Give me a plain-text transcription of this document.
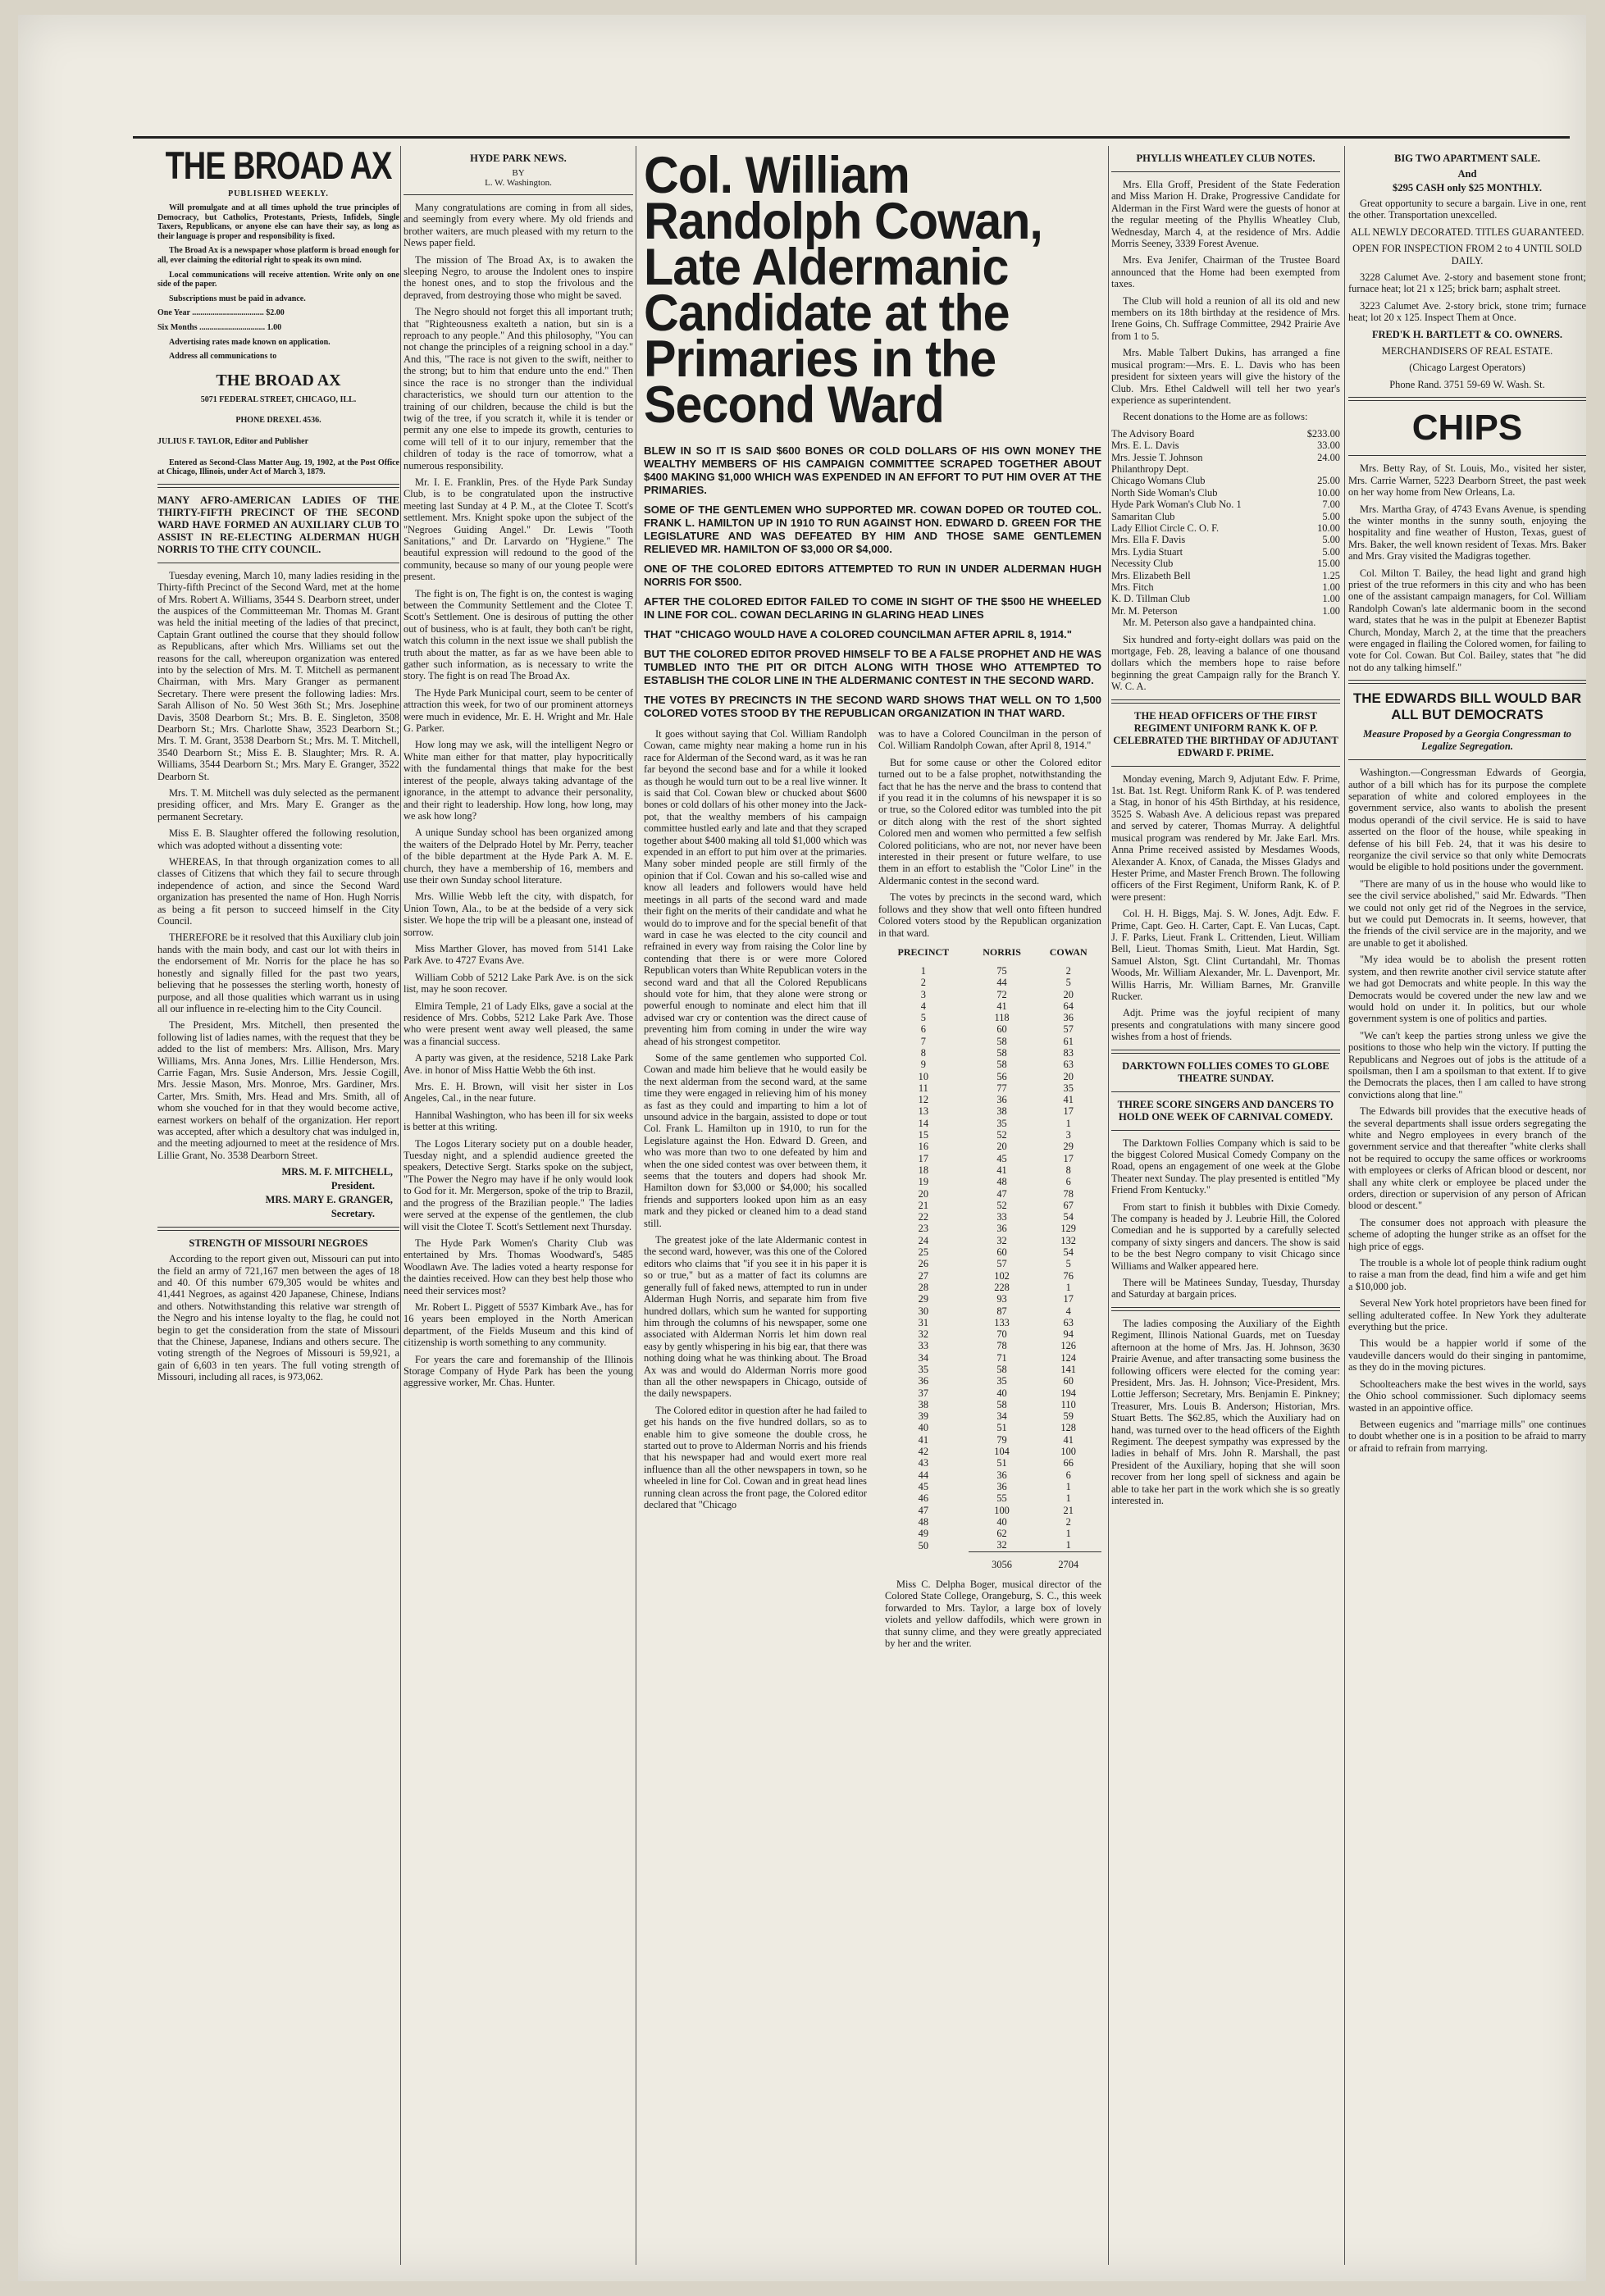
THE BROAD AX
PUBLISHED WEEKLY.

Will promulgate and at all times uphold the true principles of Democracy, but Catholics, Protestants, Priests, Infidels, Single Taxers, Republicans, or anyone else can have their say, as long as their language is proper and responsibility is fixed.

The Broad Ax is a newspaper whose platform is broad enough for all, ever claiming the editorial right to speak its own mind.

Local communications will receive attention. Write only on one side of the paper.

Subscriptions must be paid in advance.

One Year ................................... $2.00

Six Months ................................ 1.00

Advertising rates made known on application.

Address all communications to

THE BROAD AX

5071 FEDERAL STREET, CHICAGO, ILL.

PHONE DREXEL 4536.

JULIUS F. TAYLOR, Editor and Publisher

Entered as Second-Class Matter Aug. 19, 1902, at the Post Office at Chicago, Illinois, under Act of March 3, 1879.

MANY AFRO-AMERICAN LADIES OF THE THIRTY-FIFTH PRECINCT OF THE SECOND WARD HAVE FORMED AN AUXILIARY CLUB TO ASSIST IN RE-ELECTING ALDERMAN HUGH NORRIS TO THE CITY COUNCIL.

Tuesday evening, March 10, many ladies residing in the Thirty-fifth Precinct of the Second Ward, met at the home of Mrs. Robert A. Williams, 3544 S. Dearborn street, under the auspices of the Committeeman Mr. Thomas M. Grant was held the initial meeting of the ladies of that precinct, Captain Grant outlined the course that they should follow as Republicans, after which Mrs. Williams set out the reasons for the call, whereupon organization was entered into by the selection of Mrs. M. T. Mitchell as permanent Chairman, with Mrs. Mary Granger as permanent Secretary. There were present the following ladies: Mrs. Sarah Allison of No. 50 West 36th St.; Mrs. Josephine Davis, 3508 Dearborn St.; Mrs. B. E. Singleton, 3508 Dearborn St.; Mrs. Charlotte Shaw, 3523 Dearborn St.; Mrs. T. M. Grant, 3538 Dearborn St.; Mrs. M. T. Mitchell, 3540 Dearborn St.; Miss E. B. Slaughter; Mrs. R. A. Williams, 3544 Dearborn St.; Mrs. Mary E. Granger, 3522 Dearborn St.

Mrs. T. M. Mitchell was duly selected as the permanent presiding officer, and Mrs. Mary E. Granger as the permanent Secretary.

Miss E. B. Slaughter offered the following resolution, which was adopted without a dissenting vote:

WHEREAS, In that through organization comes to all classes of Citizens that which they fail to secure through independence of action, and since the Second Ward organization has presented the name of Hon. Hugh Norris as being a fit person to succeed himself in the City Council.

THEREFORE be it resolved that this Auxiliary club join hands with the main body, and cast our lot with theirs in the endorsement of Mr. Norris for the place he has so honestly and signally filled for the past two years, believing that he possesses the sterling worth, honesty of purpose, and all those qualities which warrant us in using all our influence in re-electing him to the City Council.

The President, Mrs. Mitchell, then presented the following list of ladies names, with the request that they be added to the list of members: Mrs. Allison, Mrs. Mary Williams, Mrs. Anna Jones, Mrs. Lillie Henderson, Mrs. Carrie Fagan, Mrs. Susie Anderson, Mrs. Jessie Cogill, Mrs. Jessie Mason, Mrs. Monroe, Mrs. Gardiner, Mrs. Carter, Mrs. Smith, Mrs. Head and Mrs. Smith, all of whom she vouched for in that they would become active, earnest workers on behalf of the organization. Her report was accepted, after which a desultory chat was indulged in, and the meeting adjourned to meet at the residence of Mrs. Lillie Grant, No. 3538 Dearborn Street.

MRS. M. F. MITCHELL,
President.
MRS. MARY E. GRANGER,
Secretary.
STRENGTH OF MISSOURI NEGROES

According to the report given out, Missouri can put into the field an army of 721,167 men between the ages of 18 and 40. Of this number 679,305 would be whites and 41,441 Negroes, as against 420 Japanese, Chinese, Indians and others. Notwithstanding this relative war strength of the Negro and his intense loyalty to the flag, he could not begin to get the consideration from the state of Missouri that the Chinese, Japanese, Indians and others secure. The voting strength of the Negroes of Missouri is 59,921, a gain of 6,603 in ten years. The full voting strength of Missouri, including all races, is 973,062.

HYDE PARK NEWS.
BY
L. W. Washington.

Many congratulations are coming in from all sides, and seemingly from every where. My old friends and brother waiters, are much pleased with my return to the News paper field.

The mission of The Broad Ax, is to awaken the sleeping Negro, to arouse the Indolent ones to inspire the honest ones, and to stop the frivolous and the depraved, from destroying those who might be saved.

The Negro should not forget this all important truth; that "Righteousness exalteth a nation, but sin is a reproach to any people." And this philosophy, "You can not change the principles of a reigning school in a day." And this, "The race is not given to the swift, neither to the strong; but to him that endure unto the end." Then since the race is no stronger than the individual characteristics, we should turn our attention to the training of our children, because the child is but the twig of the tree, if you scratch it, while it is tender or permit any one else to impede its growth, centuries to come will tell of it to our injury, remember that the children of today is the race of tomorrow, what a numerous responsibility.

Mr. I. E. Franklin, Pres. of the Hyde Park Sunday Club, is to be congratulated upon the instructive meeting last Sunday at 4 P. M., at the Clotee T. Scott's settlement. Mrs. Knight spoke upon the subject of the "Negroes Guiding Angel." Dr. Lewis "Tooth Sanitations," and Dr. Larvardo on "Hygiene." The beautiful expression will redound to the good of the community, because so many of our young people were present.

The fight is on, The fight is on, the contest is waging between the Community Settlement and the Clotee T. Scott's Settlement. One is desirous of putting the other out of business, who is at fault, they both can't be right, watch this column in the next issue we shall publish the truth about the matter, as far as we have been able to gather such information, as is necessary to write the story. The fight is on read The Broad Ax.

The Hyde Park Municipal court, seem to be center of attraction this week, for two of our prominent attorneys were much in evidence, Mr. E. H. Wright and Mr. Hale G. Parker.

How long may we ask, will the intelligent Negro or White man either for that matter, play hypocritically with the fundamental things that make for the best interest of the people, always taking advantage of the ignorance, in the attempt to advance their personality, and their right to leadership. How long, how long, may we ask how long?

A unique Sunday school has been organized among the waiters of the Delprado Hotel by Mr. Perry, teacher of the bible department at the Hyde Park A. M. E. church, they have a membership of 16, members and use their own Sunday school literature.

Mrs. Willie Webb left the city, with dispatch, for Union Town, Ala., to be at the bedside of a very sick sister. We hope the trip will be a pleasant one, instead of sorrow.

Miss Marther Glover, has moved from 5141 Lake Park Ave. to 4727 Evans Ave.

William Cobb of 5212 Lake Park Ave. is on the sick list, may he soon recover.

Elmira Temple, 21 of Lady Elks, gave a social at the residence of Mrs. Cobbs, 5212 Lake Park Ave. Those who were present went away well pleased, the same was a financial success.

A party was given, at the residence, 5218 Lake Park Ave. in honor of Miss Hattie Webb the 6th inst.

Mrs. E. H. Brown, will visit her sister in Los Angeles, Cal., in the near future.

Hannibal Washington, who has been ill for six weeks is better at this writing.

The Logos Literary society put on a double header, Tuesday night, and a splendid audience greeted the speakers, Detective Sergt. Starks spoke on the subject, "The Power the Negro may have if he only would look to God for it. Mr. Mergerson, spoke of the trip to Brazil, and the progress of the Brazilian people." The ladies were served at the expense of the gentlemen, the club will visit the Clotee T. Scott's Settlement next Thursday.

The Hyde Park Women's Charity Club was entertained by Mrs. Thomas Woodward's, 5485 Woodlawn Ave. The ladies voted a hearty response for the dainties received. How can they best help those who need their services most?

Mr. Robert L. Piggett of 5537 Kimbark Ave., has for 16 years been employed in the North American department, of the Fields Museum and this kind of citizenship is worth something to any community.

For years the care and foremanship of the Illinois Storage Company of Hyde Park has been the young aggressive worker, Mr. Chas. Hunter.

Col. William Randolph Cowan, Late Aldermanic Candidate at the Primaries in the Second Ward
BLEW IN SO IT IS SAID $600 BONES OR COLD DOLLARS OF HIS OWN MONEY THE WEALTHY MEMBERS OF HIS CAMPAIGN COMMITTEE SCRAPED TOGETHER ABOUT $400 MAKING $1,000 WHICH WAS EXPENDED IN AN EFFORT TO PUT HIM OVER AT THE PRIMARIES.
SOME OF THE GENTLEMEN WHO SUPPORTED MR. COWAN DOPED OR TOUTED COL. FRANK L. HAMILTON UP IN 1910 TO RUN AGAINST HON. EDWARD D. GREEN FOR THE LEGISLATURE AND WAS DEFEATED BY HIM AND THOSE SAME GENTLEMEN RELIEVED MR. HAMILTON OF $3,000 OR $4,000.
ONE OF THE COLORED EDITORS ATTEMPTED TO RUN IN UNDER ALDERMAN HUGH NORRIS FOR $500.
AFTER THE COLORED EDITOR FAILED TO COME IN SIGHT OF THE $500 HE WHEELED IN LINE FOR COL. COWAN DECLARING IN GLARING HEAD LINES
THAT "CHICAGO WOULD HAVE A COLORED COUNCILMAN AFTER APRIL 8, 1914."
BUT THE COLORED EDITOR PROVED HIMSELF TO BE A FALSE PROPHET AND HE WAS TUMBLED INTO THE PIT OR DITCH ALONG WITH THOSE WHO ATTEMPTED TO ESTABLISH THE COLOR LINE IN THE ALDERMANIC CONTEST IN THE SECOND WARD.
THE VOTES BY PRECINCTS IN THE SECOND WARD SHOWS THAT WELL ON TO 1,500 COLORED VOTES STOOD BY THE REPUBLICAN ORGANIZATION IN THAT WARD.

It goes without saying that Col. William Randolph Cowan, came mighty near making a home run in his race for Alderman of the Second ward, as it was he ran far beyond the second base and for a while it looked as though he would turn out to be a real live winner. It is said that Col. Cowan blew or chucked about $600 bones or cold dollars of his other money into the Jack-pot, that the wealthy members of his campaign committee hustled early and late and that they scraped together about $400 making all told $1,000 which was expended in an effort to put him over at the primaries. Many sober minded people are still firmly of the opinion that if Col. Cowan and his so-called wise and know all leaders and followers would have held meetings in all parts of the second ward and made their fight on the merits of their candidate and what he would do to improve and for the special benefit of that ward in case he was elected to the city council and refrained in every way from raising the Color line by contending that there is or were more Colored Republican voters than White Republican voters in the second ward and that all the Colored Republicans should vote for him, that they alone were strong or powerful enough to nominate and elect him that ill advised war cry or contention was the direct cause of preventing him from coming in under the wire way ahead of his strongest competitor.

Some of the same gentlemen who supported Col. Cowan and made him believe that he would easily be the next alderman from the second ward, at the same time they were engaged in relieving him of his money as fast as they could and imparting to him a lot of unsound advice in the bargain, assisted to dope or tout Col. Frank L. Hamilton up in 1910, to run for the Legislature against the Hon. Edward D. Green, and who was more than two to one defeated by him and when the one sided contest was over between them, it seems that the touters and dopers had shook Mr. Hamilton down for $3,000 or $4,000; his socalled friends and supporters looked upon him as an easy mark and they picked or cleaned him to a dead stand still.

The greatest joke of the late Aldermanic contest in the second ward, however, was this one of the Colored editors who claims that "if you see it in his paper it is so or true," but as a matter of fact its columns are generally full of faked news, attempted to run in under Alderman Hugh Norris, and separate him from five hundred dollars, which sum he wanted for supporting him through the columns of his newspaper, some one associated with Alderman Norris let him down real easy by gently whispering in his big ear, that there was nothing doing what he was thinking about. The Broad Ax was and would do Alderman Norris more good than all the other newspapers in Chicago, outside of the daily newspapers.

The Colored editor in question after he had failed to get his hands on the five hundred dollars, so as to enable him to give someone the double cross, he started out to prove to Alderman Norris and his friends that his newspaper had and would exert more real influence than all the other newspapers in town, so he wheeled in line for Col. Cowan and in great head lines running clean across the front page, the Colored editor declared that "Chicago

was to have a Colored Councilman in the person of Col. William Randolph Cowan, after April 8, 1914."

But for some cause or other the Colored editor turned out to be a false prophet, notwithstanding the fact that he has the nerve and the brass to contend that if you read it in the columns of his newspaper it is so or true, so the Colored editor was tumbled into the pit or ditch along with the rest of the short sighted Colored men and women who permitted a few selfish Colored politicians, who are not, nor never have been interested in their present or future welfare, to use them in an effort to establish the "Color Line" in the Aldermanic contest in the second ward.

The votes by precincts in the second ward, which follows and they show that well onto fifteen hundred Colored voters stood by the Republican organization in that ward.

PRECINCT	NORRIS	COWAN
1	75	2
2	44	5
3	72	20
4	41	64
5	118	36
6	60	57
7	58	61
8	58	83
9	58	63
10	56	20
11	77	35
12	36	41
13	38	17
14	35	1
15	52	3
16	20	29
17	45	17
18	41	8
19	48	6
20	47	78
21	52	67
22	33	54
23	36	129
24	32	132
25	60	54
26	57	5
27	102	76
28	228	1
29	93	17
30	87	4
31	133	63
32	70	94
33	78	126
34	71	124
35	58	141
36	35	60
37	40	194
38	58	110
39	34	59
40	51	128
41	79	41
42	104	100
43	51	66
44	36	6
45	36	1
46	55	1
47	100	21
48	40	2
49	62	1
50	32	1
	3056	2704

Miss C. Delpha Boger, musical director of the Colored State College, Orangeburg, S. C., this week forwarded to Mrs. Taylor, a large box of lovely violets and yellow daffodils, which were grown in that sunny clime, and they were greatly appreciated by her and the writer.

PHYLLIS WHEATLEY CLUB NOTES.

Mrs. Ella Groff, President of the State Federation and Miss Marion H. Drake, Progressive Candidate for Alderman in the First Ward were the guests of honor at the regular meeting of the Phyllis Wheatley Club, Wednesday, March 4, at the residence of Mrs. Addie Morris Seeney, 3339 Forest Avenue.

Mrs. Eva Jenifer, Chairman of the Trustee Board announced that the Home had been exempted from taxes.

The Club will hold a reunion of all its old and new members on its 18th birthday at the residence of Mrs. Irene Goins, Ch. Suffrage Committee, 2942 Prairie Ave from 1 to 5.

Mrs. Mable Talbert Dukins, has arranged a fine musical program:—Mrs. E. L. Davis who has been president for sixteen years will give the history of the Club. Mrs. Ethel Caldwell will tell her two year's experience as superintendent.

Recent donations to the Home are as follows:

The Advisory Board	$233.00
Mrs. E. L. Davis	33.00
Mrs. Jessie T. Johnson	24.00
Philanthropy Dept.	
Chicago Womans Club	25.00
North Side Woman's Club	10.00
Hyde Park Woman's Club No. 1	7.00
Samaritan Club	5.00
Lady Elliot Circle C. O. F.	10.00
Mrs. Ella F. Davis	5.00
Mrs. Lydia Stuart	5.00
Necessity Club	15.00
Mrs. Elizabeth Bell	1.25
Mrs. Fitch	1.00
K. D. Tillman Club	1.00
Mr. M. Peterson	1.00

Mr. M. Peterson also gave a handpainted china.

Six hundred and forty-eight dollars was paid on the mortgage, Feb. 28, leaving a balance of one thousand dollars which the members hope to raise before beginning the great Campaign rally for the Branch Y. W. C. A.

THE HEAD OFFICERS OF THE FIRST REGIMENT UNIFORM RANK K. OF P. CELEBRATED THE BIRTHDAY OF ADJUTANT EDWARD F. PRIME.

Monday evening, March 9, Adjutant Edw. F. Prime, 1st. Bat. 1st. Regt. Uniform Rank K. of P. was tendered a Stag, in honor of his 45th Birthday, at his residence, 3525 S. Wabash Ave. A delicious repast was prepared and served by caterer, Thomas Murray. A delightful musical program was rendered by Mr. Jake Earl. Mrs. Anna Prime received assisted by Mesdames Woods, Alexander A. Knox, of Canada, the Misses Gladys and Hester Prime, and Master French Brown. The following officers of the First Regiment, Uniform Rank, K. of P. were present:

Col. H. H. Biggs, Maj. S. W. Jones, Adjt. Edw. F. Prime, Capt. Geo. H. Carter, Capt. E. Van Lucas, Capt. J. F. Parks, Lieut. Frank L. Crittenden, Lieut. William Bell, Lieut. Thomas Smith, Lieut. Mat Hardin, Sgt. Samuel Alston, Sgt. Clint Curtandahl, Mr. Thomas Woods, Mr. William Alexander, Mr. L. Davenport, Mr. Willis Harris, Mr. William Barnes, Mr. Granville Rucker.

Adjt. Prime was the joyful recipient of many presents and congratulations with many sincere good wishes from a host of friends.

DARKTOWN FOLLIES COMES TO GLOBE THEATRE SUNDAY.
THREE SCORE SINGERS AND DANCERS TO HOLD ONE WEEK OF CARNIVAL COMEDY.

The Darktown Follies Company which is said to be the biggest Colored Musical Comedy Company on the Road, opens an engagement of one week at the Globe Theater next Sunday. The play presented is entitled "My Friend From Kentucky."

From start to finish it bubbles with Dixie Comedy. The company is headed by J. Leubrie Hill, the Colored Comedian and he is supported by a carefully selected company of sixty singers and dancers. The show is said to be the best Negro company to visit Chicago since Williams and Walker appeared here.

There will be Matinees Sunday, Tuesday, Thursday and Saturday at bargain prices.

The ladies composing the Auxiliary of the Eighth Regiment, Illinois National Guards, met on Tuesday afternoon at the home of Mrs. Jas. H. Johnson, 3630 Prairie Avenue, and after transacting some business the following officers were elected for the coming year: President, Mrs. Jas. H. Johnson; Vice-President, Mrs. Lottie Jefferson; Secretary, Mrs. Benjamin E. Pinkney; Treasurer, Mrs. Louis B. Anderson; Historian, Mrs. Stuart Betts. The $62.85, which the Auxiliary had on hand, was turned over to the head officers of the Eighth Regiment. The deepest sympathy was expressed by the ladies in behalf of Mrs. John R. Marshall, the past President of the Auxiliary, hoping that she will soon recover from her long spell of sickness and again be able to take her part in the work which she is so greatly interested in.

BIG TWO APARTMENT SALE.
And
$295 CASH only $25 MONTHLY.

Great opportunity to secure a bargain. Live in one, rent the other. Transportation unexcelled.

ALL NEWLY DECORATED. TITLES GUARANTEED.

OPEN FOR INSPECTION FROM 2 to 4 UNTIL SOLD DAILY.

3228 Calumet Ave. 2-story and basement stone front; furnace heat; lot 21 x 125; brick barn; asphalt street.

3223 Calumet Ave. 2-story brick, stone trim; furnace heat; lot 20 x 125. Inspect Them at Once.

FRED'K H. BARTLETT & CO. OWNERS.

MERCHANDISERS OF REAL ESTATE.

(Chicago Largest Operators)

Phone Rand. 3751 59-69 W. Wash. St.

CHIPS

Mrs. Betty Ray, of St. Louis, Mo., visited her sister, Mrs. Carrie Warner, 5223 Dearborn Street, the past week on her way home from New Orleans, La.

Mrs. Martha Gray, of 4743 Evans Avenue, is spending the winter months in the sunny south, enjoying the hospitality and fine weather of Huston, Texas, guest of Mrs. Baker, the well known resident of Texas. Mrs. Baker and Mrs. Gray visited the Madigras together.

Col. Milton T. Bailey, the head light and grand high priest of the true reformers in this city and who has been one of the assistant campaign managers, for Col. William Randolph Cowan's late aldermanic boom in the second ward, states that he was in the pulpit at Ebenezer Baptist Church, Monday, March 2, at the time that the preachers were engaged in flailing the Colored women, for failing to vote for Col. Cowan. But Col. Bailey, states that "he did not do any talking himself."

THE EDWARDS BILL WOULD BAR ALL BUT DEMOCRATS
Measure Proposed by a Georgia Congressman to Legalize Segregation.

Washington.—Congressman Edwards of Georgia, author of a bill which has for its purpose the complete separation of white and colored employees in the government service, also wants to abolish the present modus operandi of the civil service. He is said to have asserted on the floor of the house, while speaking in defense of his bill Feb. 24, that it was his desire to reorganize the civil service so that only white Democrats would be eligible to hold positions under the government.

"There are many of us in the house who would like to see the civil service abolished," said Mr. Edwards. "Then we could not only get rid of the Negroes in the service, but we could put Democrats in. It seems, however, that the friends of the civil service are in the majority, and we are unable to get it abolished.

"My idea would be to abolish the present rotten system, and then rewrite another civil service statute after we had got Democrats and white people. In this way the Democrats would be covered under the new law and we would hold on under it. In politics, but our whole government system is one of politics and parties.

"We can't keep the parties strong unless we give the positions to those who help win the victory. If putting the Republicans and Negroes out of jobs is the attitude of a spoilsman, then I am a spoilsman to that extent. If to give the Democrats the places, then I am called to have strong convictions along that line."

The Edwards bill provides that the executive heads of the several departments shall issue orders segregating the white and Negro employees in every branch of the government service and that thereafter "white clerks shall not be required to occupy the same offices or workrooms with employees or clerks of African blood or descent, nor shall any white clerk or employee be placed under the orders, direction or supervision of any person of African blood or descent."

The consumer does not approach with pleasure the scheme of adopting the hunger strike as an offset for the high price of eggs.

The trouble is a whole lot of people think radium ought to raise a man from the dead, find him a wife and get him a $10,000 job.

Several New York hotel proprietors have been fined for selling adulterated coffee. In New York they adulterate everything but the price.

This would be a happier world if some of the vaudeville dancers would do their singing in pantomime, as they do in the moving pictures.

Schoolteachers make the best wives in the world, says the Ohio school commissioner. Such diplomacy seems wasted in an appointive office.

Between eugenics and "marriage mills" one continues to doubt whether one is in a position to be afraid to marry or afraid to refrain from marrying.
